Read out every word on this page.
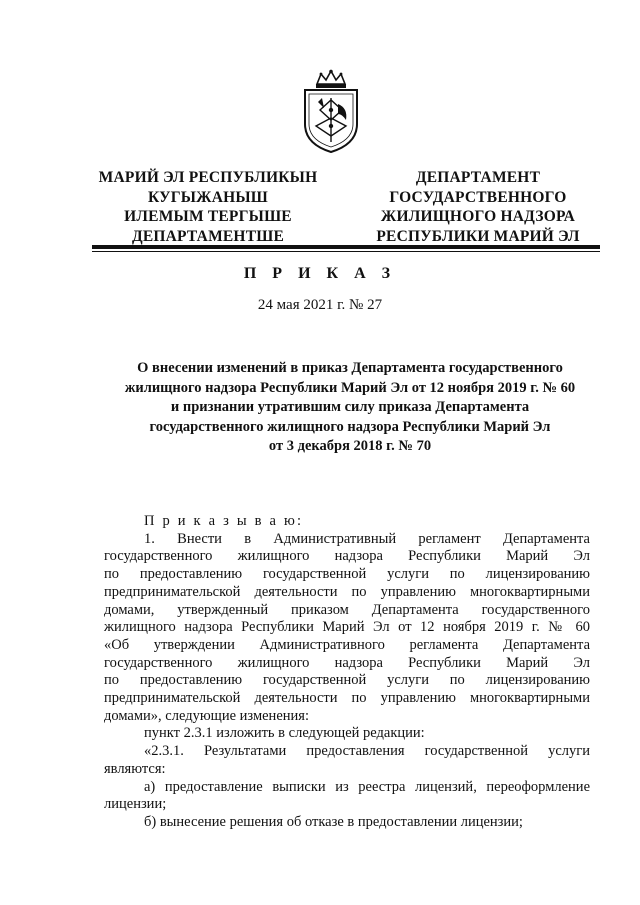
МАРИЙ ЭЛ РЕСПУБЛИКЫН
КУГЫЖАНЫШ
ИЛЕМЫМ ТЕРГЫШЕ
ДЕПАРТАМЕНТШЕ
ДЕПАРТАМЕНТ
ГОСУДАРСТВЕННОГО
ЖИЛИЩНОГО НАДЗОРА
РЕСПУБЛИКИ МАРИЙ ЭЛ
П Р И К А З
24 мая 2021 г. № 27
О внесении изменений в приказ Департамента государственного
жилищного надзора Республики Марий Эл от 12 ноября 2019 г. № 60
и признании утратившим силу приказа Департамента
государственного жилищного надзора Республики Марий Эл
от 3 декабря 2018 г. № 70
П р и к а з ы в а ю:
1. Внести в Административный регламент Департамента
государственного жилищного надзора Республики Марий Эл
по предоставлению государственной услуги по лицензированию
предпринимательской деятельности по управлению многоквартирными
домами, утвержденный приказом Департамента государственного
жилищного надзора Республики Марий Эл от 12 ноября 2019 г. № 60
«Об утверждении Административного регламента Департамента
государственного жилищного надзора Республики Марий Эл
по предоставлению государственной услуги по лицензированию
предпринимательской деятельности по управлению многоквартирными
домами», следующие изменения:
пункт 2.3.1 изложить в следующей редакции:
«2.3.1. Результатами предоставления государственной услуги
являются:
а) предоставление выписки из реестра лицензий, переоформление
лицензии;
б) вынесение решения об отказе в предоставлении лицензии;
